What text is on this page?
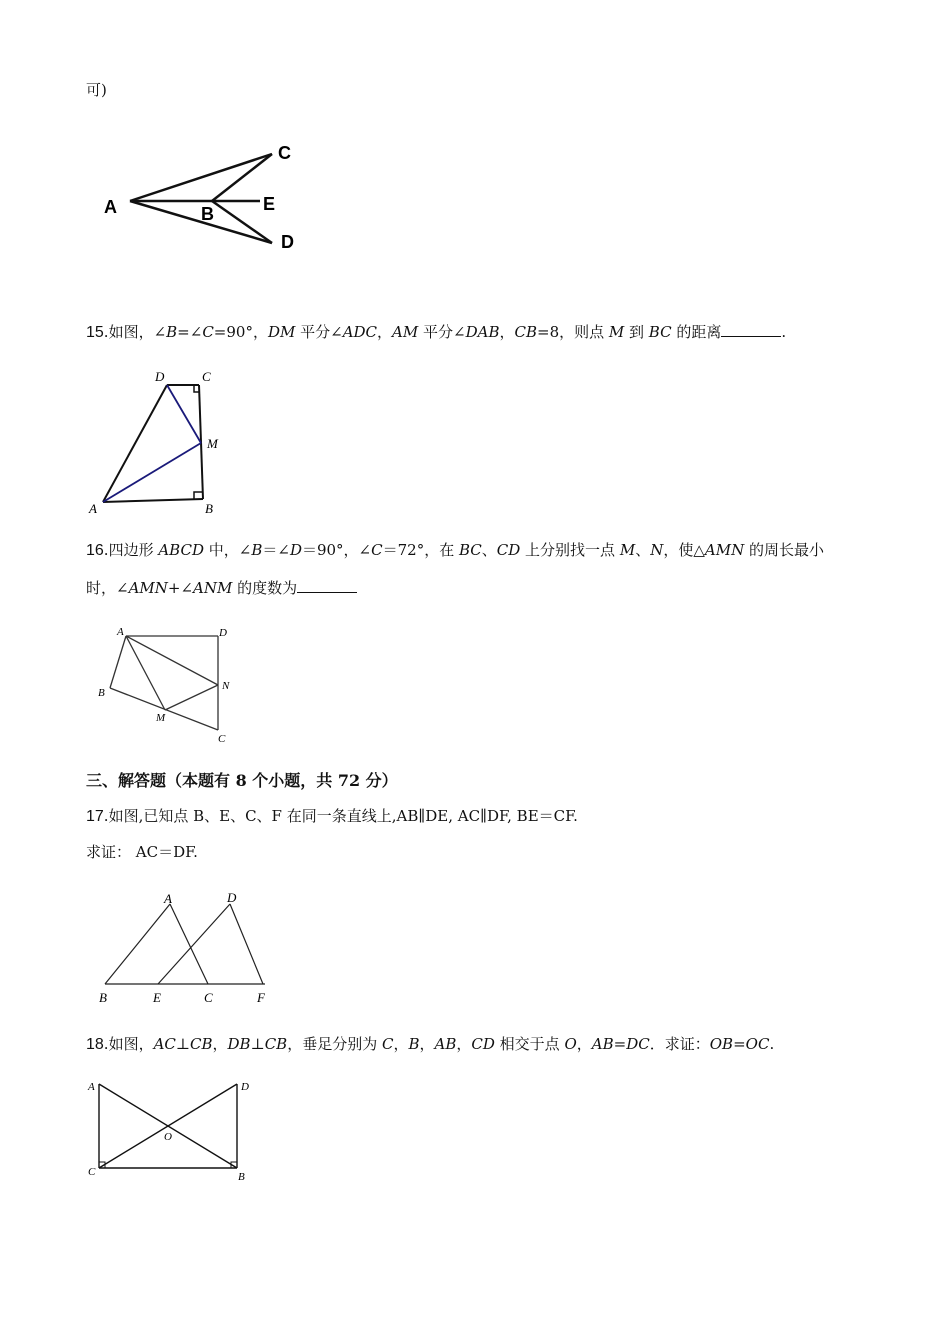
可)
A	B
C
D
E
15.如图，∠B=∠C=90°，DM 平分∠ADC，AM 平分∠DAB，CB=8，则点 M 到 BC 的距离	.
D	C
M
A	B
16.四边形 ABCD 中，∠B＝∠D＝90°，∠C＝72°，在 BC、CD 上分别找一点 M、N，使△AMN 的周长最小
时，∠AMN+∠ANM 的度数为
A	D
B
N
M
C
三、解答题（本题有 8 个小题，共 72 分）
17.如图,已知点 B、E、C、F 在同一条直线上,AB∥DE, AC∥DF, BE＝CF.
求证： AC＝DF.
A	D
B	E	C	F
18.如图，AC⊥CB，DB⊥CB，垂足分别为 C，B，AB，CD 相交于点 O，AB=DC．求证：OB=OC.
A	D
O
C	B
